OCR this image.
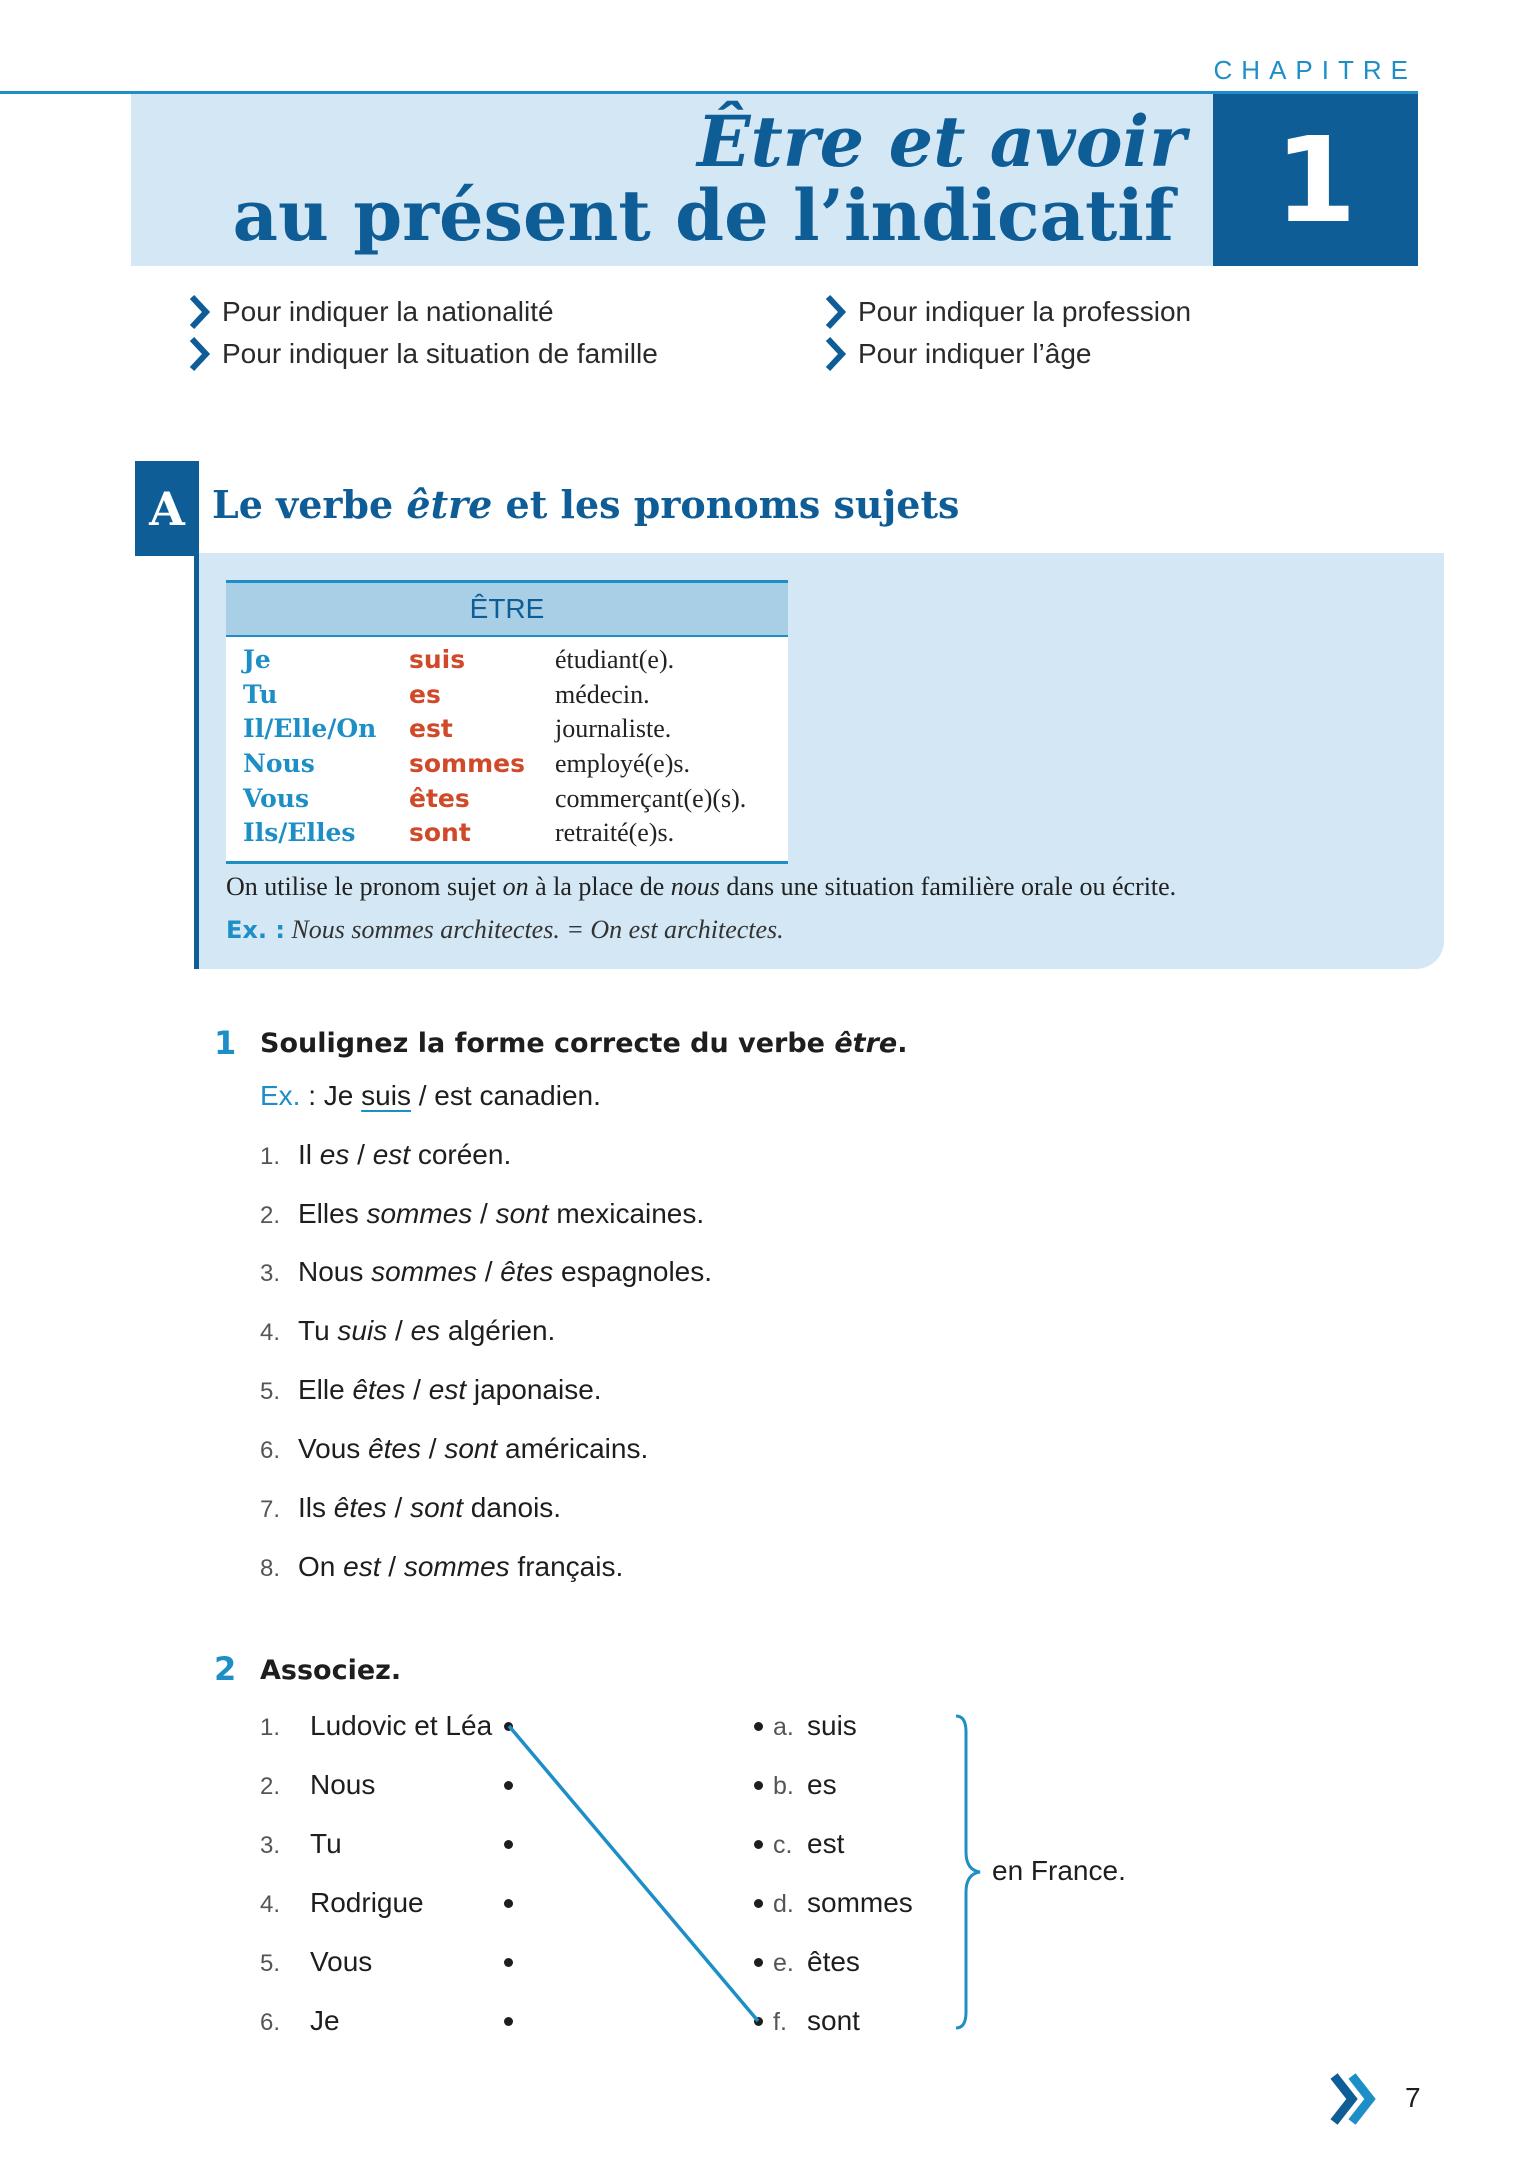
CHAPITRE
Être et avoir
au présent de l’indicatif 1
Pour indiquer la nationalité
Pour indiquer la situation de famille
Pour indiquer la profession
Pour indiquer l’âge
A Le verbe être et les pronoms sujets
ÊTRE
Je	suis	étudiant(e).
Tu	es	médecin.
Il/Elle/On est	journaliste.
Nous	sommes employé(e)s.
Vous	êtes	commerçant(e)(s).
Ils/Elles sont	retraité(e)s.
On utilise le pronom sujet on à la place de nous dans une situation familière orale ou écrite.
Ex. : Nous sommes architectes. = On est architectes.
1 Soulignez la forme correcte du verbe être.
Ex. : Je suis / est canadien.
1. Il es / est coréen.
2. Elles sommes / sont mexicaines.
3. Nous sommes / êtes espagnoles.
4. Tu suis / es algérien.
5. Elle êtes / est japonaise.
6. Vous êtes / sont américains.
7. Ils êtes / sont danois.
8. On est / sommes français.
2 Associez.
1. Ludovic et Léa
2. Nous
3. Tu
4. Rodrigue
5. Vous
6. Je
a. suis
b. es
c. est
d. sommes
e. êtes
f. sont
en France.
7
